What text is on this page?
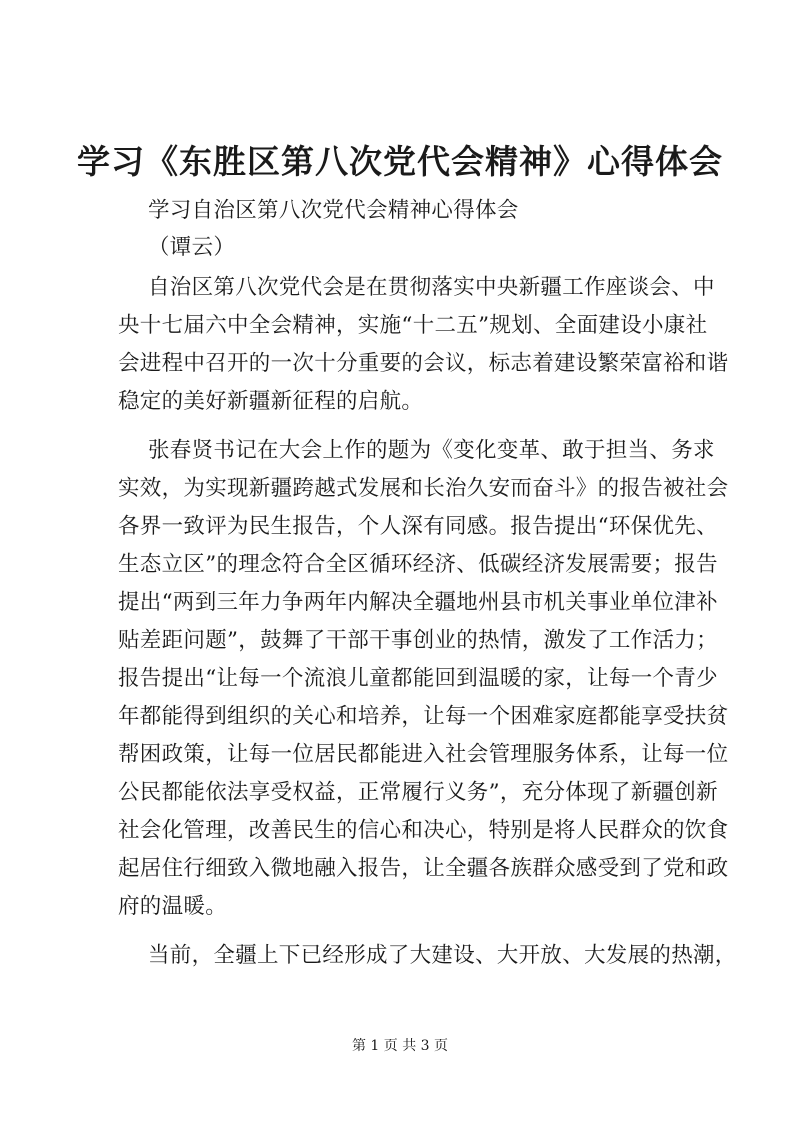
学习《东胜区第八次党代会精神》心得体会
学习自治区第八次党代会精神心得体会
（谭云）
自治区第八次党代会是在贯彻落实中央新疆工作座谈会、中
央十七届六中全会精神，实施“十二五”规划、全面建设小康社
会进程中召开的一次十分重要的会议，标志着建设繁荣富裕和谐
稳定的美好新疆新征程的启航。
张春贤书记在大会上作的题为《变化变革、敢于担当、务求
实效，为实现新疆跨越式发展和长治久安而奋斗》的报告被社会
各界一致评为民生报告，个人深有同感。报告提出“环保优先、
生态立区”的理念符合全区循环经济、低碳经济发展需要；报告
提出“两到三年力争两年内解决全疆地州县市机关事业单位津补
贴差距问题”，鼓舞了干部干事创业的热情，激发了工作活力；
报告提出“让每一个流浪儿童都能回到温暖的家，让每一个青少
年都能得到组织的关心和培养，让每一个困难家庭都能享受扶贫
帮困政策，让每一位居民都能进入社会管理服务体系，让每一位
公民都能依法享受权益，正常履行义务”，充分体现了新疆创新
社会化管理，改善民生的信心和决心，特别是将人民群众的饮食
起居住行细致入微地融入报告，让全疆各族群众感受到了党和政
府的温暖。
当前，全疆上下已经形成了大建设、大开放、大发展的热潮，
第 1 页 共 3 页
